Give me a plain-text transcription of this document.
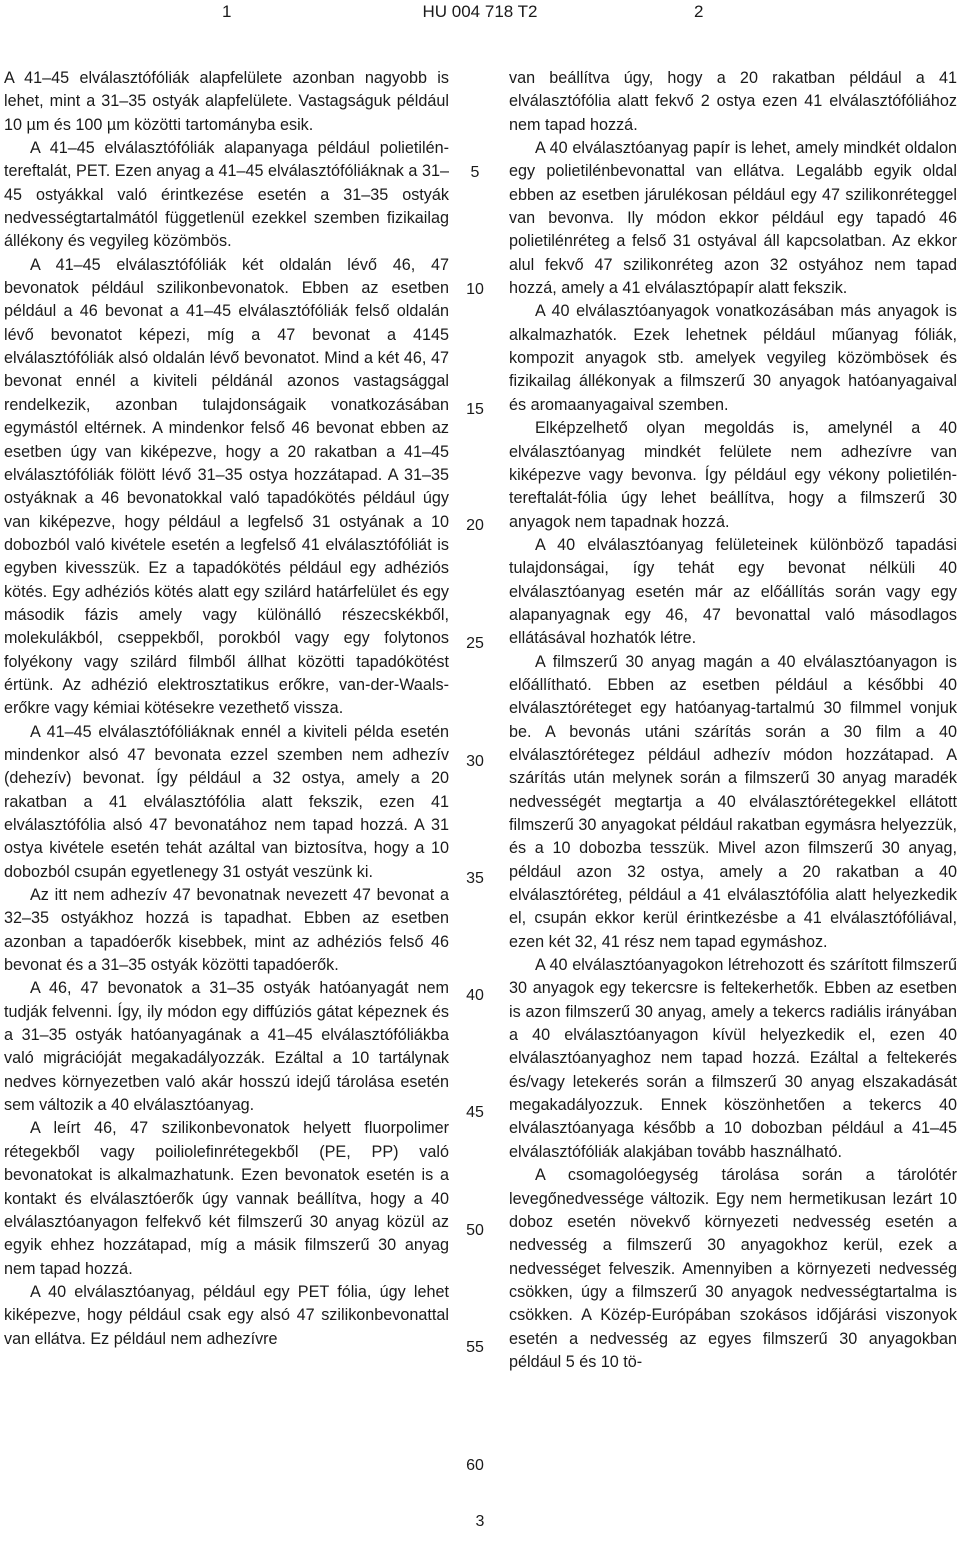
1	HU 004 718 T2	2

A 41–45 elválasztófóliák alapfelülete azonban nagyobb is lehet, mint a 31–35 ostyák alapfelülete. Vastagságuk például 10 µm és 100 µm közötti tartományba esik.

A 41–45 elválasztófóliák alapanyaga például polietilén-tereftalát, PET. Ezen anyag a 41–45 elválasztófóliáknak a 31–45 ostyákkal való érintkezése esetén a 31–35 ostyák nedvességtartalmától függetlenül ezekkel szemben fizikailag állékony és vegyileg közömbös.

A 41–45 elválasztófóliák két oldalán lévő 46, 47 bevonatok például szilikonbevonatok. Ebben az esetben például a 46 bevonat a 41–45 elválasztófóliák felső oldalán lévő bevonatot képezi, míg a 47 bevonat a 4145 elválasztófóliák alsó oldalán lévő bevonatot. Mind a két 46, 47 bevonat ennél a kiviteli példánál azonos vastagsággal rendelkezik, azonban tulajdonságaik vonatkozásában egymástól eltérnek. A mindenkor felső 46 bevonat ebben az esetben úgy van kiképezve, hogy a 20 rakatban a 41–45 elválasztófóliák fölött lévő 31–35 ostya hozzátapad. A 31–35 ostyáknak a 46 bevonatokkal való tapadókötés például úgy van kiképezve, hogy például a legfelső 31 ostyának a 10 dobozból való kivétele esetén a legfelső 41 elválasztófóliát is egyben kivesszük. Ez a tapadókötés például egy adhéziós kötés. Egy adhéziós kötés alatt egy szilárd határfelület és egy második fázis amely vagy különálló részecskékből, molekulákból, cseppekből, porokból vagy egy folytonos folyékony vagy szilárd filmből állhat közötti tapadókötést értünk. Az adhézió elektrosztatikus erőkre, van-der-Waals-erőkre vagy kémiai kötésekre vezethető vissza.

A 41–45 elválasztófóliáknak ennél a kiviteli példa esetén mindenkor alsó 47 bevonata ezzel szemben nem adhezív (dehezív) bevonat. Így például a 32 ostya, amely a 20 rakatban a 41 elválasztófólia alatt fekszik, ezen 41 elválasztófólia alsó 47 bevonatához nem tapad hozzá. A 31 ostya kivétele esetén tehát azáltal van biztosítva, hogy a 10 dobozból csupán egyetlenegy 31 ostyát veszünk ki.

Az itt nem adhezív 47 bevonatnak nevezett 47 bevonat a 32–35 ostyákhoz hozzá is tapadhat. Ebben az esetben azonban a tapadóerők kisebbek, mint az adhéziós felső 46 bevonat és a 31–35 ostyák közötti tapadóerők.

A 46, 47 bevonatok a 31–35 ostyák hatóanyagát nem tudják felvenni. Így, ily módon egy diffúziós gátat képeznek és a 31–35 ostyák hatóanyagának a 41–45 elválasztófóliákba való migrációját megakadályozzák. Ezáltal a 10 tartálynak nedves környezetben való akár hosszú idejű tárolása esetén sem változik a 40 elválasztóanyag.

A leírt 46, 47 szilikonbevonatok helyett fluorpolimer rétegekből vagy poiliolefinrétegekből (PE, PP) való bevonatokat is alkalmazhatunk. Ezen bevonatok esetén is a kontakt és elválasztóerők úgy vannak beállítva, hogy a 40 elválasztóanyagon felfekvő két filmszerű 30 anyag közül az egyik ehhez hozzátapad, míg a másik filmszerű 30 anyag nem tapad hozzá.

A 40 elválasztóanyag, például egy PET fólia, úgy lehet kiképezve, hogy például csak egy alsó 47 szilikonbevonattal van ellátva. Ez például nem adhezívre

5
10
15
20
25
30
35
40
45
50
55
60

van beállítva úgy, hogy a 20 rakatban például a 41 elválasztófólia alatt fekvő 2 ostya ezen 41 elválasztófóliához nem tapad hozzá.

A 40 elválasztóanyag papír is lehet, amely mindkét oldalon egy polietilénbevonattal van ellátva. Legalább egyik oldal ebben az esetben járulékosan például egy 47 szilikonréteggel van bevonva. Ily módon ekkor például egy tapadó 46 polietilénréteg a felső 31 ostyával áll kapcsolatban. Az ekkor alul fekvő 47 szilikonréteg azon 32 ostyához nem tapad hozzá, amely a 41 elválasztópapír alatt fekszik.

A 40 elválasztóanyagok vonatkozásában más anyagok is alkalmazhatók. Ezek lehetnek például műanyag fóliák, kompozit anyagok stb. amelyek vegyileg közömbösek és fizikailag állékonyak a filmszerű 30 anyagok hatóanyagaival és aromaanyagaival szemben.

Elképzelhető olyan megoldás is, amelynél a 40 elválasztóanyag mindkét felülete nem adhezívre van kiképezve vagy bevonva. Így például egy vékony polietilén-tereftalát-fólia úgy lehet beállítva, hogy a filmszerű 30 anyagok nem tapadnak hozzá.

A 40 elválasztóanyag felületeinek különböző tapadási tulajdonságai, így tehát egy bevonat nélküli 40 elválasztóanyag esetén már az előállítás során vagy egy alapanyagnak egy 46, 47 bevonattal való másodlagos ellátásával hozhatók létre.

A filmszerű 30 anyag magán a 40 elválasztóanyagon is előállítható. Ebben az esetben például a későbbi 40 elválasztóréteget egy hatóanyag-tartalmú 30 filmmel vonjuk be. A bevonás utáni szárítás során a 30 film a 40 elválasztórétegez például adhezív módon hozzátapad. A szárítás után melynek során a filmszerű 30 anyag maradék nedvességét megtartja a 40 elválasztórétegekkel ellátott filmszerű 30 anyagokat például rakatban egymásra helyezzük, és a 10 dobozba tesszük. Mivel azon filmszerű 30 anyag, például azon 32 ostya, amely a 20 rakatban a 40 elválasztóréteg, például a 41 elválasztófólia alatt helyezkedik el, csupán ekkor kerül érintkezésbe a 41 elválasztófóliával, ezen két 32, 41 rész nem tapad egymáshoz.

A 40 elválasztóanyagokon létrehozott és szárított filmszerű 30 anyagok egy tekercsre is feltekerhetők. Ebben az esetben is azon filmszerű 30 anyag, amely a tekercs radiális irányában a 40 elválasztóanyagon kívül helyezkedik el, ezen 40 elválasztóanyaghoz nem tapad hozzá. Ezáltal a feltekerés és/vagy letekerés során a filmszerű 30 anyag elszakadását megakadályozzuk. Ennek köszönhetően a tekercs 40 elválasztóanyaga később a 10 dobozban például a 41–45 elválasztófóliák alakjában tovább használható.

A csomagolóegység tárolása során a tárolótér levegőnedvessége változik. Egy nem hermetikusan lezárt 10 doboz esetén növekvő környezeti nedvesség esetén a nedvesség a filmszerű 30 anyagokhoz kerül, ezek a nedvességet felveszik. Amennyiben a környezeti nedvesség csökken, úgy a filmszerű 30 anyagok nedvességtartalma is csökken. A Közép-Európában szokásos időjárási viszonyok esetén a nedvesség az egyes filmszerű 30 anyagokban például 5 és 10 tö-

3
